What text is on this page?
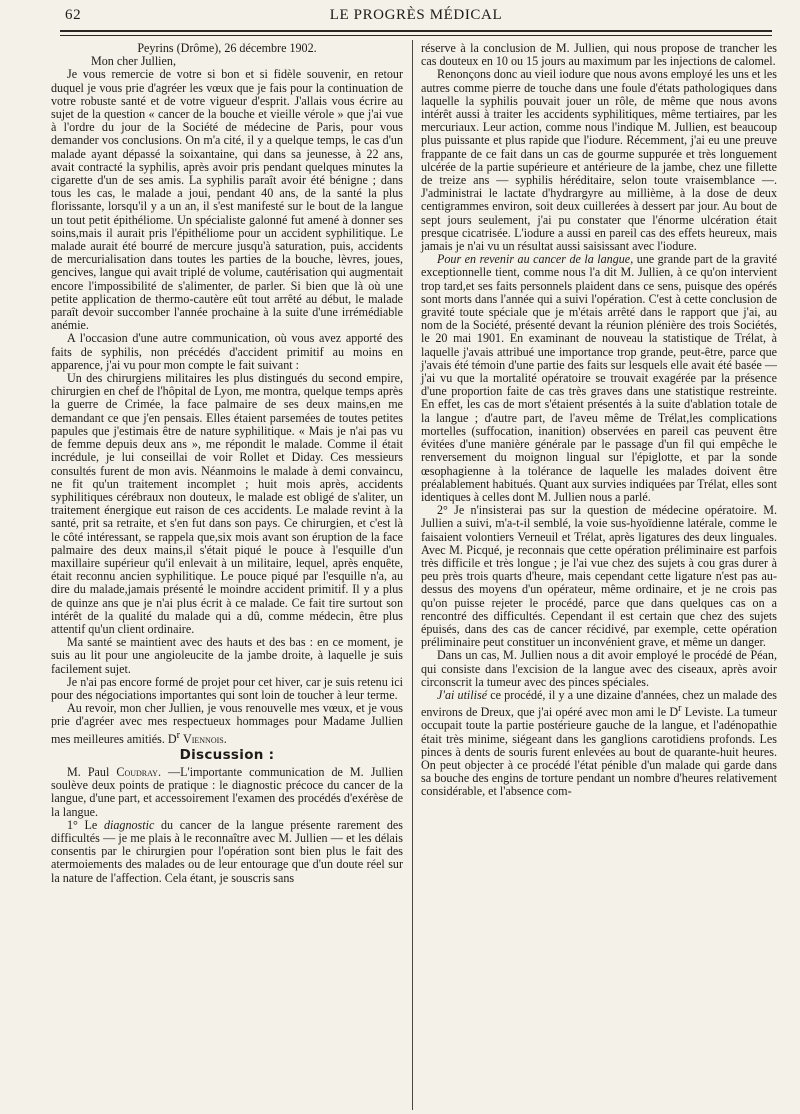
62	LE PROGRÈS MÉDICAL

Peyrins (Drôme), 26 décembre 1902.

Mon cher Jullien,

Je vous remercie de votre si bon et si fidèle souvenir, en retour duquel je vous prie d'agréer les vœux que je fais pour la continuation de votre robuste santé et de votre vigueur d'esprit. J'allais vous écrire au sujet de la question « cancer de la bouche et vieille vérole » que j'ai vue à l'ordre du jour de la Société de médecine de Paris, pour vous demander vos conclusions. On m'a cité, il y a quelque temps, le cas d'un malade ayant dépassé la soixantaine, qui dans sa jeunesse, à 22 ans, avait contracté la syphilis, après avoir pris pendant quelques minutes la cigarette d'un de ses amis. La syphilis paraît avoir été bénigne ; dans tous les cas, le malade a joui, pendant 40 ans, de la santé la plus florissante, lorsqu'il y a un an, il s'est manifesté sur le bout de la langue un tout petit épithéliome. Un spécialiste galonné fut amené à donner ses soins,mais il aurait pris l'épithéliome pour un accident syphilitique. Le malade aurait été bourré de mercure jusqu'à saturation, puis, accidents de mercurialisation dans toutes les parties de la bouche, lèvres, joues, gencives, langue qui avait triplé de volume, cautérisation qui augmentait encore l'impossibilité de s'alimenter, de parler. Si bien que là où une petite application de thermo-cautère eût tout arrêté au début, le malade paraît devoir succomber l'année prochaine à la suite d'une irrémédiable anémie.

A l'occasion d'une autre communication, où vous avez apporté des faits de syphilis, non précédés d'accident primitif au moins en apparence, j'ai vu pour mon compte le fait suivant :

Un des chirurgiens militaires les plus distingués du second empire, chirurgien en chef de l'hôpital de Lyon, me montra, quelque temps après la guerre de Crimée, la face palmaire de ses deux mains,en me demandant ce que j'en pensais. Elles étaient parsemées de toutes petites papules que j'estimais être de nature syphilitique. « Mais je n'ai pas vu de femme depuis deux ans », me répondit le malade. Comme il était incrédule, je lui conseillai de voir Rollet et Diday. Ces messieurs consultés furent de mon avis. Néanmoins le malade à demi convaincu, ne fit qu'un traitement incomplet ; huit mois après, accidents syphilitiques cérébraux non douteux, le malade est obligé de s'aliter, un traitement énergique eut raison de ces accidents. Le malade revint à la santé, prit sa retraite, et s'en fut dans son pays. Ce chirurgien, et c'est là le côté intéressant, se rappela que,six mois avant son éruption de la face palmaire des deux mains,il s'était piqué le pouce à l'esquille d'un maxillaire supérieur qu'il enlevait à un militaire, lequel, après enquête, était reconnu ancien syphilitique. Le pouce piqué par l'esquille n'a, au dire du malade,jamais présenté le moindre accident primitif. Il y a plus de quinze ans que je n'ai plus écrit à ce malade. Ce fait tire surtout son intérêt de la qualité du malade qui a dû, comme médecin, être plus attentif qu'un client ordinaire.

Ma santé se maintient avec des hauts et des bas : en ce moment, je suis au lit pour une angioleucite de la jambe droite, à laquelle je suis facilement sujet.

Je n'ai pas encore formé de projet pour cet hiver, car je suis retenu ici pour des négociations importantes qui sont loin de toucher à leur terme.

Au revoir, mon cher Jullien, je vous renouvelle mes vœux, et je vous prie d'agréer avec mes respectueux hommages pour Madame Jullien mes meilleures amitiés. $D^r$ Viennois.

Discussion :

M. Paul Coudray. —L'importante communication de M. Jullien soulève deux points de pratique : le diagnostic précoce du cancer de la langue, d'une part, et accessoirement l'examen des procédés d'exérèse de la langue.

1° Le diagnostic du cancer de la langue présente rarement des difficultés — je me plais à le reconnaître avec M. Jullien — et les délais consentis par le chirurgien pour l'opération sont bien plus le fait des atermoiements des malades ou de leur entourage que d'un doute réel sur la nature de l'affection. Cela étant, je souscris sans

réserve à la conclusion de M. Jullien, qui nous propose de trancher les cas douteux en 10 ou 15 jours au maximum par les injections de calomel.

Renonçons donc au vieil iodure que nous avons employé les uns et les autres comme pierre de touche dans une foule d'états pathologiques dans laquelle la syphilis pouvait jouer un rôle, de même que nous avons intérêt aussi à traiter les accidents syphilitiques, même tertiaires, par les mercuriaux. Leur action, comme nous l'indique M. Jullien, est beaucoup plus puissante et plus rapide que l'iodure. Récemment, j'ai eu une preuve frappante de ce fait dans un cas de gourme suppurée et très longuement ulcérée de la partie supérieure et antérieure de la jambe, chez une fillette de treize ans — syphilis héréditaire, selon toute vraisemblance —. J'administrai le lactate d'hydrargyre au millième, à la dose de deux centigrammes environ, soit deux cuillerées à dessert par jour. Au bout de sept jours seulement, j'ai pu constater que l'énorme ulcération était presque cicatrisée. L'iodure a aussi en pareil cas des effets heureux, mais jamais je n'ai vu un résultat aussi saisissant avec l'iodure.

Pour en revenir au cancer de la langue, une grande part de la gravité exceptionnelle tient, comme nous l'a dit M. Jullien, à ce qu'on intervient trop tard,et ses faits personnels plaident dans ce sens, puisque des opérés sont morts dans l'année qui a suivi l'opération. C'est à cette conclusion de gravité toute spéciale que je m'étais arrêté dans le rapport que j'ai, au nom de la Société, présenté devant la réunion plénière des trois Sociétés, le 20 mai 1901. En examinant de nouveau la statistique de Trélat, à laquelle j'avais attribué une importance trop grande, peut-être, parce que j'avais été témoin d'une partie des faits sur lesquels elle avait été basée — j'ai vu que la mortalité opératoire se trouvait exagérée par la présence d'une proportion faite de cas très graves dans une statistique restreinte. En effet, les cas de mort s'étaient présentés à la suite d'ablation totale de la langue ; d'autre part, de l'aveu même de Trélat,les complications mortelles (suffocation, inanition) observées en pareil cas peuvent être évitées d'une manière générale par le passage d'un fil qui empêche le renversement du moignon lingual sur l'épiglotte, et par la sonde œsophagienne à la tolérance de laquelle les malades doivent être préalablement habitués. Quant aux survies indiquées par Trélat, elles sont identiques à celles dont M. Jullien nous a parlé.

2° Je n'insisterai pas sur la question de médecine opératoire. M. Jullien a suivi, m'a-t-il semblé, la voie sus-hyoïdienne latérale, comme le faisaient volontiers Verneuil et Trélat, après ligatures des deux linguales. Avec M. Picqué, je reconnais que cette opération préliminaire est parfois très difficile et très longue ; je l'ai vue chez des sujets à cou gras durer à peu près trois quarts d'heure, mais cependant cette ligature n'est pas au-dessus des moyens d'un opérateur, même ordinaire, et je ne crois pas qu'on puisse rejeter le procédé, parce que dans quelques cas on a rencontré des difficultés. Cependant il est certain que chez des sujets épuisés, dans des cas de cancer récidivé, par exemple, cette opération préliminaire peut constituer un inconvénient grave, et même un danger.

Dans un cas, M. Jullien nous a dit avoir employé le procédé de Péan, qui consiste dans l'excision de la langue avec des ciseaux, après avoir circonscrit la tumeur avec des pinces spéciales.

J'ai utilisé ce procédé, il y a une dizaine d'années, chez un malade des environs de Dreux, que j'ai opéré avec mon ami le $D^r$ Leviste. La tumeur occupait toute la partie postérieure gauche de la langue, et l'adénopathie était très minime, siégeant dans les ganglions carotidiens profonds. Les pinces à dents de souris furent enlevées au bout de quarante-huit heures. On peut objecter à ce procédé l'état pénible d'un malade qui garde dans sa bouche des engins de torture pendant un nombre d'heures relativement considérable, et l'absence com-
